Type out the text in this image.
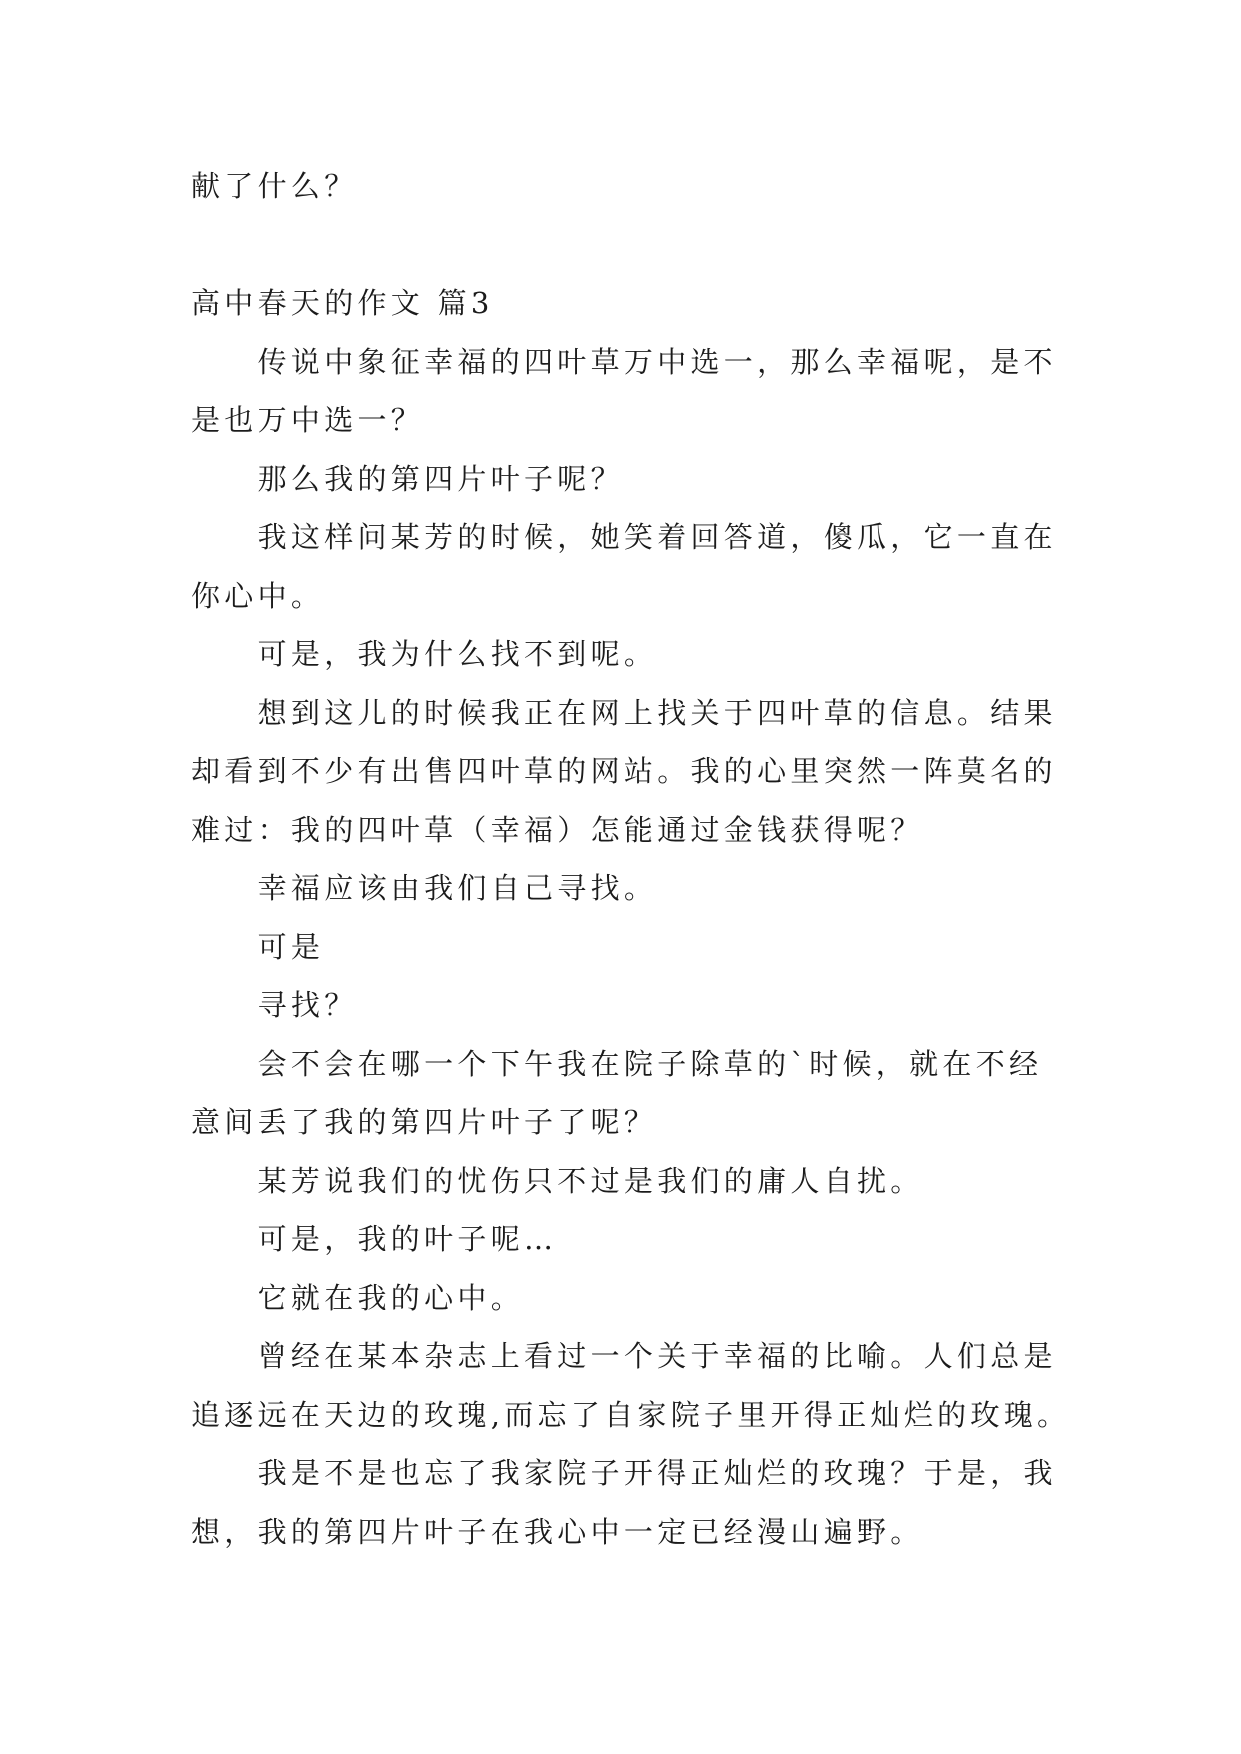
献了什么？
高中春天的作文 篇3
传说中象征幸福的四叶草万中选一，那么幸福呢，是不
是也万中选一？
那么我的第四片叶子呢？
我这样问某芳的时候，她笑着回答道，傻瓜，它一直在
你心中。
可是，我为什么找不到呢。
想到这儿的时候我正在网上找关于四叶草的信息。结果
却看到不少有出售四叶草的网站。我的心里突然一阵莫名的
难过：我的四叶草（幸福）怎能通过金钱获得呢？
幸福应该由我们自己寻找。
可是
寻找？
会不会在哪一个下午我在院子除草的`时候，就在不经
意间丢了我的第四片叶子了呢？
某芳说我们的忧伤只不过是我们的庸人自扰。
可是，我的叶子呢…
它就在我的心中。
曾经在某本杂志上看过一个关于幸福的比喻。人们总是
追逐远在天边的玫瑰,而忘了自家院子里开得正灿烂的玫瑰。
我是不是也忘了我家院子开得正灿烂的玫瑰？于是，我
想，我的第四片叶子在我心中一定已经漫山遍野。
